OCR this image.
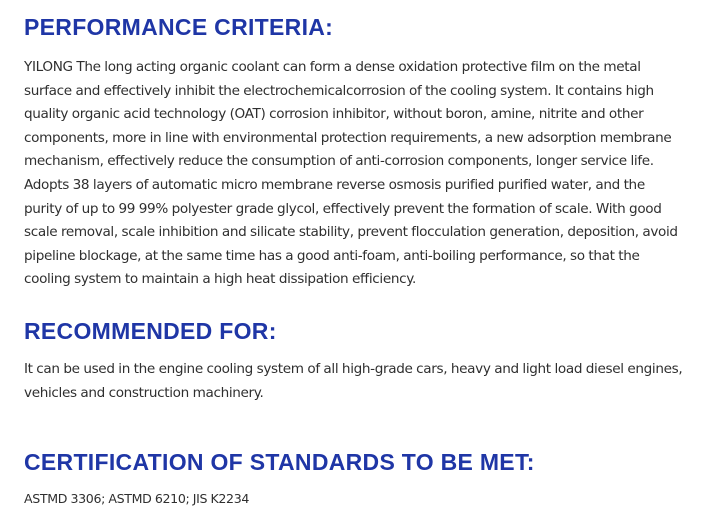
PERFORMANCE CRITERIA:

YILONG The long acting organic coolant can form a dense oxidation protective film on the metal surface and effectively inhibit the electrochemicalcorrosion of the cooling system. It contains high quality organic acid technology (OAT) corrosion inhibitor, without boron, amine, nitrite and other components, more in line with environmental protection requirements, a new adsorption membrane mechanism, effectively reduce the consumption of anti-corrosion components, longer service life. Adopts 38 layers of automatic micro membrane reverse osmosis purified purified water, and the purity of up to 99 99% polyester grade glycol, effectively prevent the formation of scale. With good scale removal, scale inhibition and silicate stability, prevent flocculation generation, deposition, avoid pipeline blockage, at the same time has a good anti-foam, anti-boiling performance, so that the cooling system to maintain a high heat dissipation efficiency.

RECOMMENDED FOR:

It can be used in the engine cooling system of all high-grade cars, heavy and light load diesel engines, vehicles and construction machinery.

CERTIFICATION OF STANDARDS TO BE MET:

ASTMD 3306; ASTMD 6210; JIS K2234
